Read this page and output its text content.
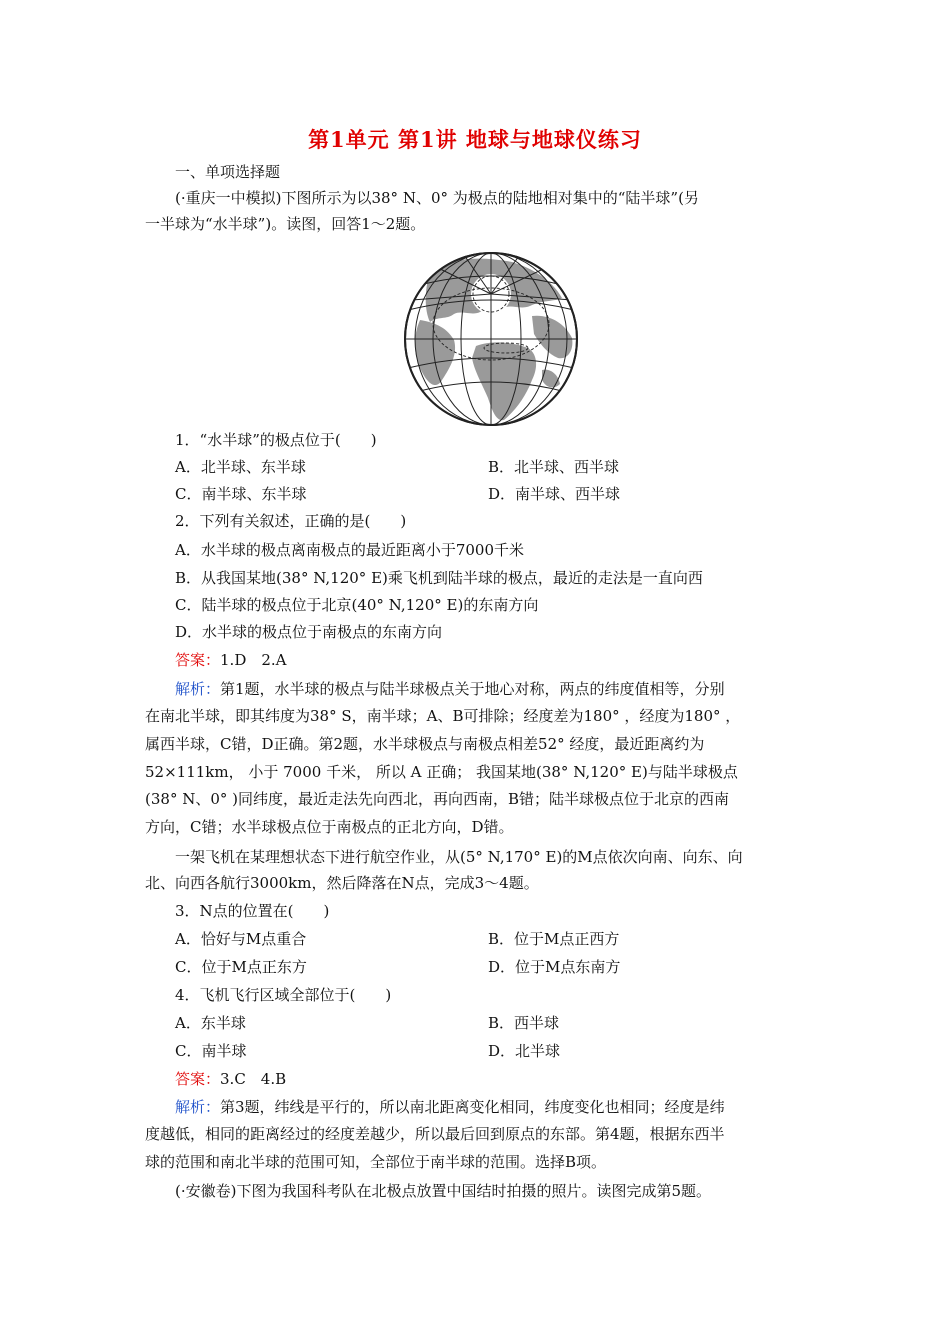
第1单元 第1讲 地球与地球仪练习
一、单项选择题
(·重庆一中模拟)下图所示为以38° N、0° 为极点的陆地相对集中的“陆半球”(另
一半球为“水半球”)。读图，回答1～2题。
1．“水半球”的极点位于(　　)
A．北半球、东半球	B．北半球、西半球
C．南半球、东半球	D．南半球、西半球
2．下列有关叙述，正确的是(　　)
A．水半球的极点离南极点的最近距离小于7000千米
B．从我国某地(38° N,120° E)乘飞机到陆半球的极点，最近的走法是一直向西
C．陆半球的极点位于北京(40° N,120° E)的东南方向
D．水半球的极点位于南极点的东南方向
答案：1.D　2.A
解析：第1题，水半球的极点与陆半球极点关于地心对称，两点的纬度值相等，分别
在南北半球，即其纬度为38° S，南半球；A、B可排除；经度差为180° ，经度为180° ，
属西半球，C错，D正确。第2题，水半球极点与南极点相差52° 经度，最近距离约为
52×111km， 小于 7000 千米， 所以 A 正确； 我国某地(38° N,120° E)与陆半球极点
(38° N、0° )同纬度，最近走法先向西北，再向西南，B错；陆半球极点位于北京的西南
方向，C错；水半球极点位于南极点的正北方向，D错。
一架飞机在某理想状态下进行航空作业，从(5° N,170° E)的M点依次向南、向东、向
北、向西各航行3000km，然后降落在N点，完成3～4题。
3．N点的位置在(　　)
A．恰好与M点重合	B．位于M点正西方
C．位于M点正东方	D．位于M点东南方
4．飞机飞行区域全部位于(　　)
A．东半球	B．西半球
C．南半球	D．北半球
答案：3.C　4.B
解析：第3题，纬线是平行的，所以南北距离变化相同，纬度变化也相同；经度是纬
度越低，相同的距离经过的经度差越少，所以最后回到原点的东部。第4题，根据东西半
球的范围和南北半球的范围可知，全部位于南半球的范围。选择B项。
(·安徽卷)下图为我国科考队在北极点放置中国结时拍摄的照片。读图完成第5题。
